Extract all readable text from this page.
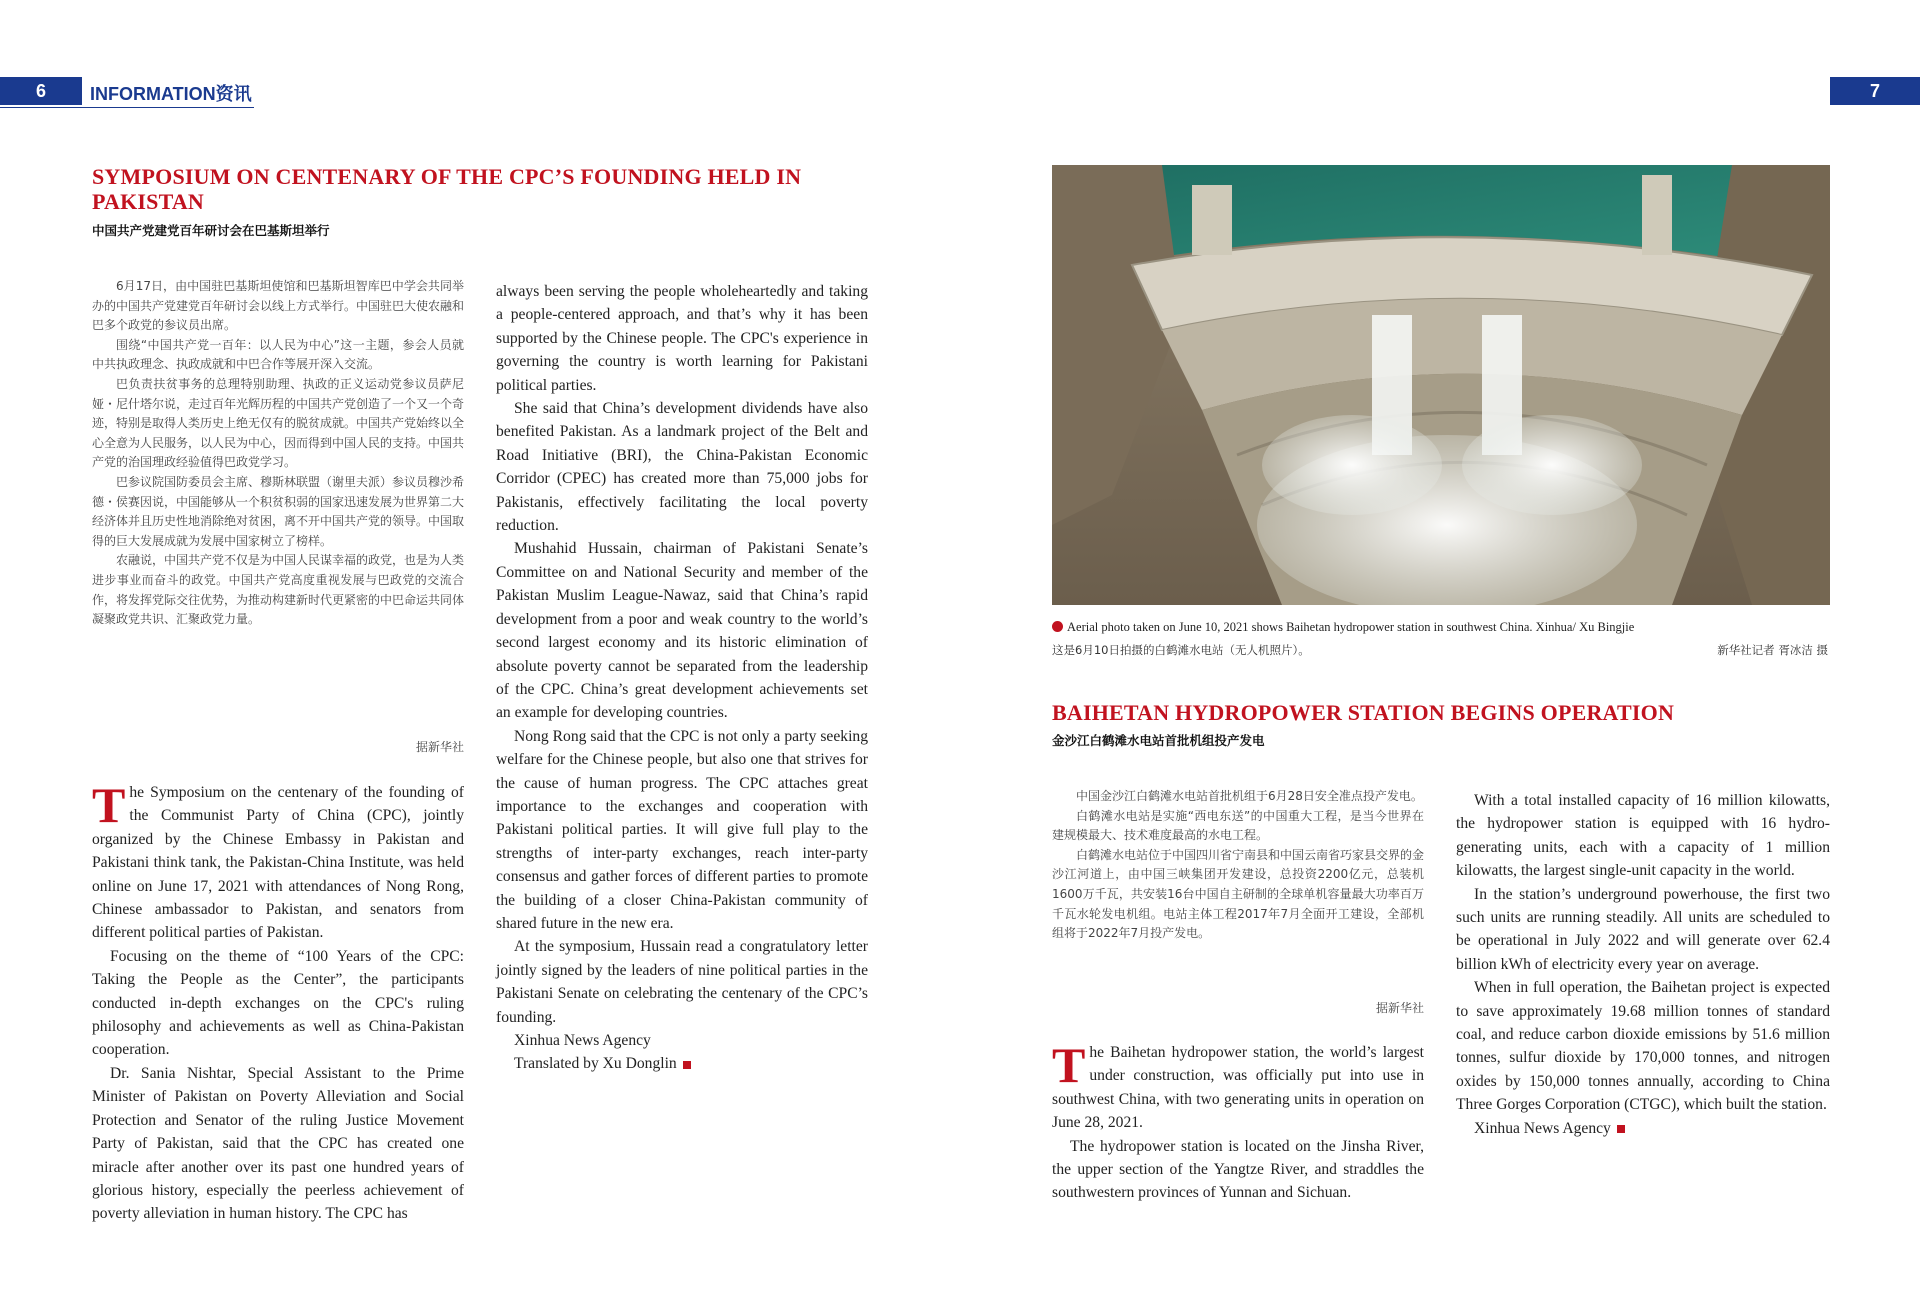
6	INFORMATION资讯	7
SYMPOSIUM ON CENTENARY OF THE CPC’S FOUNDING HELD IN PAKISTAN
中国共产党建党百年研讨会在巴基斯坦举行

6月17日，由中国驻巴基斯坦使馆和巴基斯坦智库巴中学会共同举办的中国共产党建党百年研讨会以线上方式举行。中国驻巴大使农融和巴多个政党的参议员出席。

围绕“中国共产党一百年：以人民为中心”这一主题，参会人员就中共执政理念、执政成就和中巴合作等展开深入交流。

巴负责扶贫事务的总理特别助理、执政的正义运动党参议员萨尼娅・尼什塔尔说，走过百年光辉历程的中国共产党创造了一个又一个奇迹，特别是取得人类历史上绝无仅有的脱贫成就。中国共产党始终以全心全意为人民服务，以人民为中心，因而得到中国人民的支持。中国共产党的治国理政经验值得巴政党学习。

巴参议院国防委员会主席、穆斯林联盟（谢里夫派）参议员穆沙希德・侯赛因说，中国能够从一个积贫积弱的国家迅速发展为世界第二大经济体并且历史性地消除绝对贫困，离不开中国共产党的领导。中国取得的巨大发展成就为发展中国家树立了榜样。

农融说，中国共产党不仅是为中国人民谋幸福的政党，也是为人类进步事业而奋斗的政党。中国共产党高度重视发展与巴政党的交流合作，将发挥党际交往优势，为推动构建新时代更紧密的中巴命运共同体凝聚政党共识、汇聚政党力量。

据新华社
T he Symposium on the centenary of the founding of the Communist Party of China (CPC), jointly organized by the Chinese Embassy in Pakistan and Pakistani think tank, the Pakistan-China Institute, was held online on June 17, 2021 with attendances of Nong Rong, Chinese ambassador to Pakistan, and senators from different political parties of Pakistan.

Focusing on the theme of “100 Years of the CPC: Taking the People as the Center”, the participants conducted in-depth exchanges on the CPC's ruling philosophy and achievements as well as China-Pakistan cooperation.

Dr. Sania Nishtar, Special Assistant to the Prime Minister of Pakistan on Poverty Alleviation and Social Protection and Senator of the ruling Justice Movement Party of Pakistan, said that the CPC has created one miracle after another over its past one hundred years of glorious history, especially the peerless achievement of poverty alleviation in human history. The CPC has

always been serving the people wholeheartedly and taking a people-centered approach, and that’s why it has been supported by the Chinese people. The CPC's experience in governing the country is worth learning for Pakistani political parties.

She said that China’s development dividends have also benefited Pakistan. As a landmark project of the Belt and Road Initiative (BRI), the China-Pakistan Economic Corridor (CPEC) has created more than 75,000 jobs for Pakistanis, effectively facilitating the local poverty reduction.

Mushahid Hussain, chairman of Pakistani Senate’s Committee on and National Security and member of the Pakistan Muslim League-Nawaz, said that China’s rapid development from a poor and weak country to the world’s second largest economy and its historic elimination of absolute poverty cannot be separated from the leadership of the CPC. China’s great development achievements set an example for developing countries.

Nong Rong said that the CPC is not only a party seeking welfare for the Chinese people, but also one that strives for the cause of human progress. The CPC attaches great importance to the exchanges and cooperation with Pakistani political parties. It will give full play to the strengths of inter-party exchanges, reach inter-party consensus and gather forces of different parties to promote the building of a closer China-Pakistan community of shared future in the new era.

At the symposium, Hussain read a congratulatory letter jointly signed by the leaders of nine political parties in the Pakistani Senate on celebrating the centenary of the CPC’s founding.

Xinhua News Agency

Translated by Xu Donglin

Aerial photo taken on June 10, 2021 shows Baihetan hydropower station in southwest China. Xinhua/ Xu Bingjie
这是6月10日拍摄的白鹤滩水电站（无人机照片）。	新华社记者 胥冰洁 摄
BAIHETAN HYDROPOWER STATION BEGINS OPERATION
金沙江白鹤滩水电站首批机组投产发电

中国金沙江白鹤滩水电站首批机组于6月28日安全准点投产发电。

白鹤滩水电站是实施“西电东送”的中国重大工程，是当今世界在建规模最大、技术难度最高的水电工程。

白鹤滩水电站位于中国四川省宁南县和中国云南省巧家县交界的金沙江河道上，由中国三峡集团开发建设，总投资2200亿元，总装机1600万千瓦，共安装16台中国自主研制的全球单机容量最大功率百万千瓦水轮发电机组。电站主体工程2017年7月全面开工建设，全部机组将于2022年7月投产发电。

据新华社
T he Baihetan hydropower station, the world’s largest under construction, was officially put into use in southwest China, with two generating units in operation on June 28, 2021.

The hydropower station is located on the Jinsha River, the upper section of the Yangtze River, and straddles the southwestern provinces of Yunnan and Sichuan.

With a total installed capacity of 16 million kilowatts, the hydropower station is equipped with 16 hydro-generating units, each with a capacity of 1 million kilowatts, the largest single-unit capacity in the world.

In the station’s underground powerhouse, the first two such units are running steadily. All units are scheduled to be operational in July 2022 and will generate over 62.4 billion kWh of electricity every year on average.

When in full operation, the Baihetan project is expected to save approximately 19.68 million tonnes of standard coal, and reduce carbon dioxide emissions by 51.6 million tonnes, sulfur dioxide by 170,000 tonnes, and nitrogen oxides by 150,000 tonnes annually, according to China Three Gorges Corporation (CTGC), which built the station.

Xinhua News Agency
